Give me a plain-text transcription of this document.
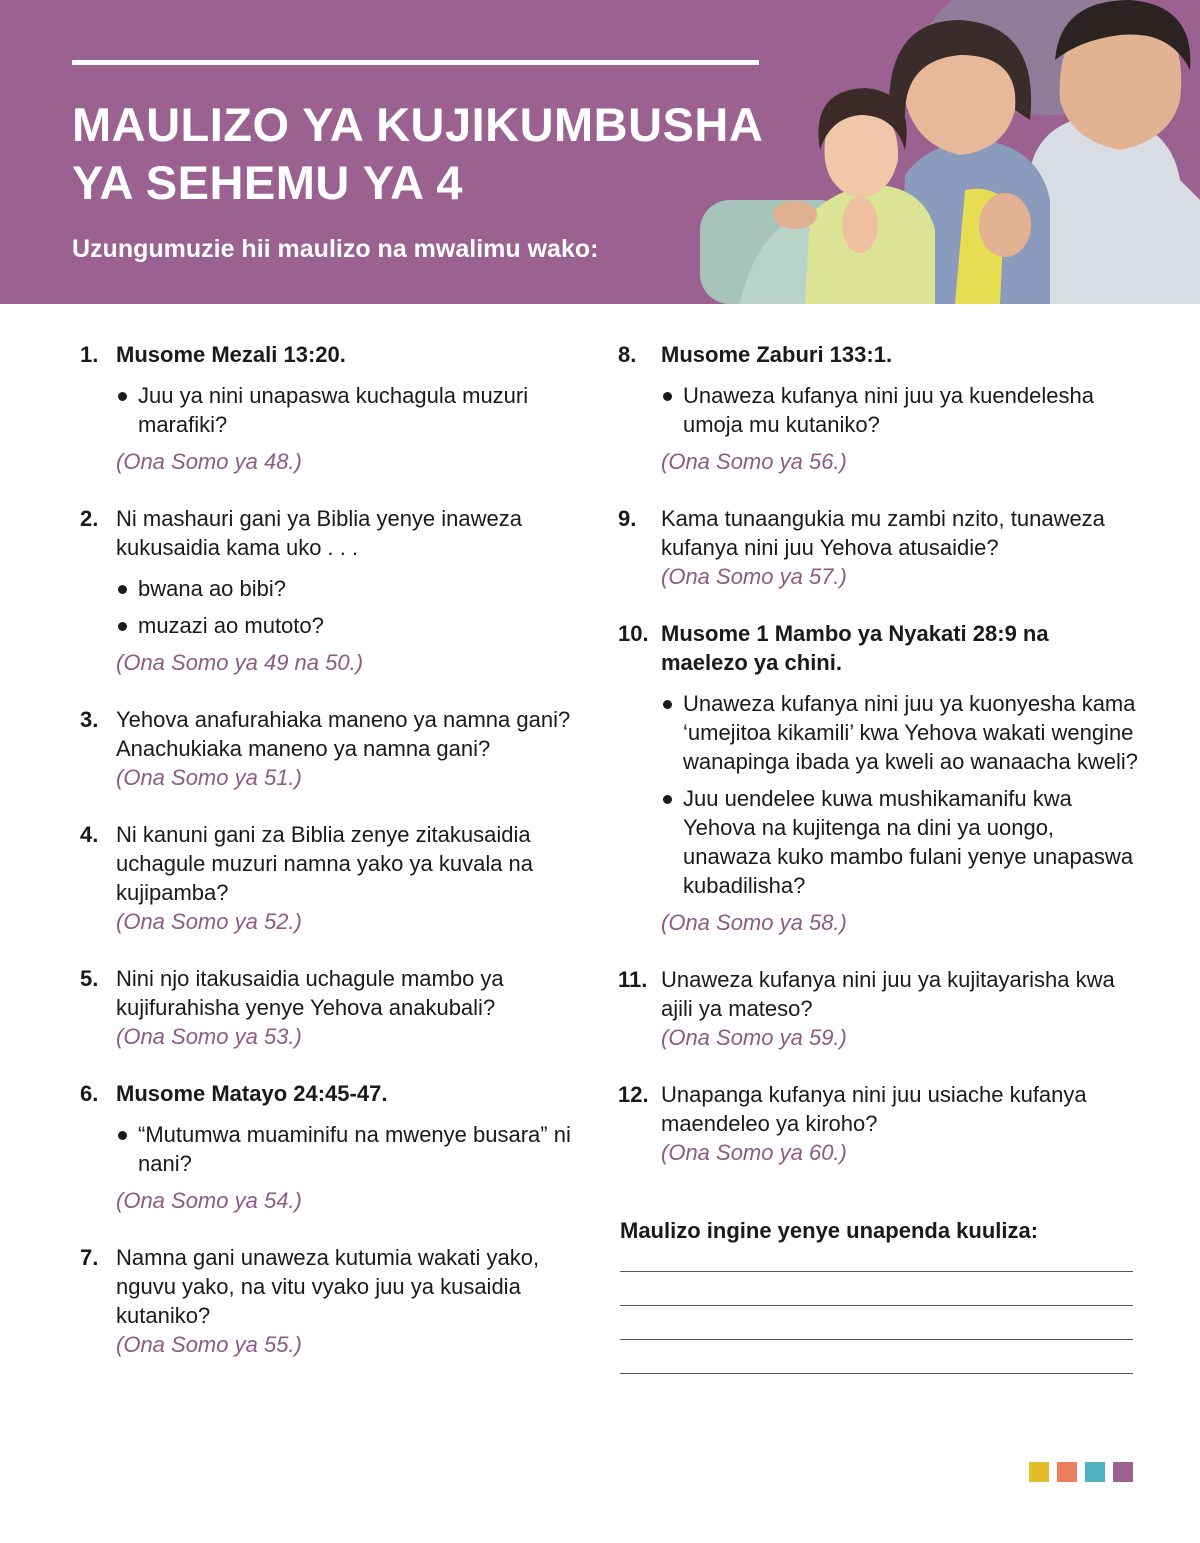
MAULIZO YA KUJIKUMBUSHA
YA SEHEMU YA 4

Uzungumuzie hii maulizo na mwalimu wako:

1. Musome Mezali 13:20.
Juu ya nini unapaswa kuchagula muzuri marafiki?
(Ona Somo ya 48.)
2. Ni mashauri gani ya Biblia yenye inaweza kukusaidia kama uko . . .
bwana ao bibi?
muzazi ao mutoto?
(Ona Somo ya 49 na 50.)
3. Yehova anafurahiaka maneno ya namna gani? Anachukiaka maneno ya namna gani?
(Ona Somo ya 51.)
4. Ni kanuni gani za Biblia zenye zitakusaidia uchagule muzuri namna yako ya kuvala na kujipamba?
(Ona Somo ya 52.)
5. Nini njo itakusaidia uchagule mambo ya kujifurahisha yenye Yehova anakubali?
(Ona Somo ya 53.)
6. Musome Matayo 24:45-47.
“Mutumwa muaminifu na mwenye busara” ni nani?
(Ona Somo ya 54.)
7. Namna gani unaweza kutumia wakati yako, nguvu yako, na vitu vyako juu ya kusaidia kutaniko?
(Ona Somo ya 55.)
8. Musome Zaburi 133:1.
Unaweza kufanya nini juu ya kuendelesha umoja mu kutaniko?
(Ona Somo ya 56.)
9. Kama tunaangukia mu zambi nzito, tunaweza kufanya nini juu Yehova atusaidie?
(Ona Somo ya 57.)
10. Musome 1 Mambo ya Nyakati 28:9 na maelezo ya chini.
Unaweza kufanya nini juu ya kuonyesha kama ‘umejitoa kikamili’ kwa Yehova wakati wengine wanapinga ibada ya kweli ao wanaacha kweli?
Juu uendelee kuwa mushikamanifu kwa Yehova na kujitenga na dini ya uongo, unawaza kuko mambo fulani yenye unapaswa kubadilisha?
(Ona Somo ya 58.)
11. Unaweza kufanya nini juu ya kujitayarisha kwa ajili ya mateso?
(Ona Somo ya 59.)
12. Unapanga kufanya nini juu usiache kufanya maendeleo ya kiroho?
(Ona Somo ya 60.)
Maulizo ingine yenye unapenda kuuliza:
